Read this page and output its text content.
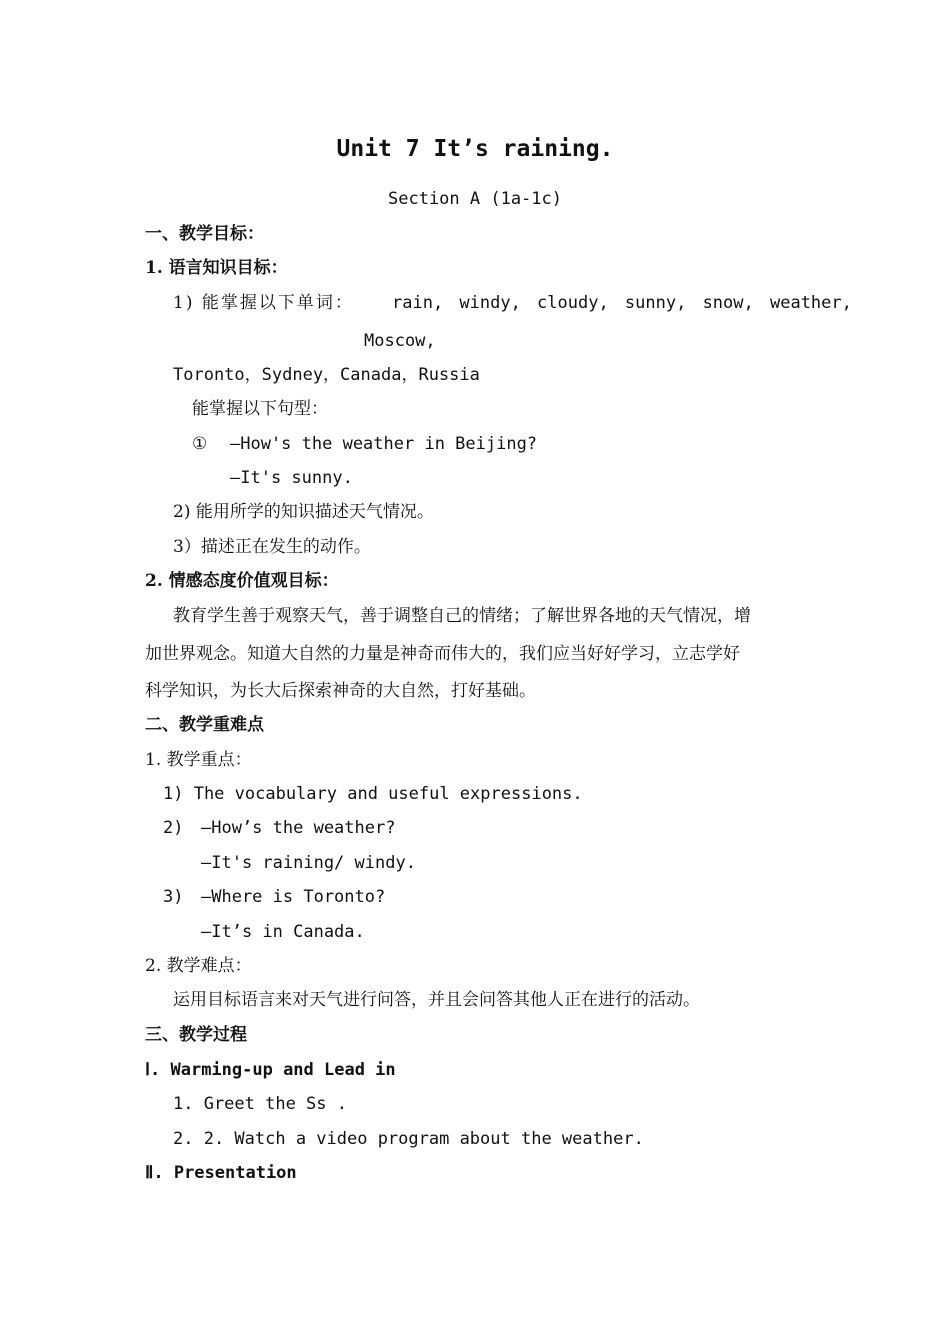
Unit 7 It’s raining.
Section A (1a-1c)
一、教学目标：
1. 语言知识目标：
1) 能掌握以下单词： rain, windy, cloudy, sunny, snow, weather,
Moscow,
Toronto，Sydney，Canada，Russia
能掌握以下句型：
① —How's the weather in Beijing?
—It's sunny.
2) 能用所学的知识描述天气情况。
3）描述正在发生的动作。
2. 情感态度价值观目标：
教育学生善于观察天气，善于调整自己的情绪；了解世界各地的天气情况，增
加世界观念。知道大自然的力量是神奇而伟大的，我们应当好好学习，立志学好
科学知识，为长大后探索神奇的大自然，打好基础。
二、教学重难点
1. 教学重点：
1) The vocabulary and useful expressions.
2) —How’s the weather?
—It's raining/ windy.
3) —Where is Toronto?
—It’s in Canada.
2. 教学难点：
运用目标语言来对天气进行问答，并且会问答其他人正在进行的活动。
三、教学过程
Ⅰ. Warming-up and Lead in
1. Greet the Ss .
2. 2. Watch a video program about the weather.
Ⅱ. Presentation
